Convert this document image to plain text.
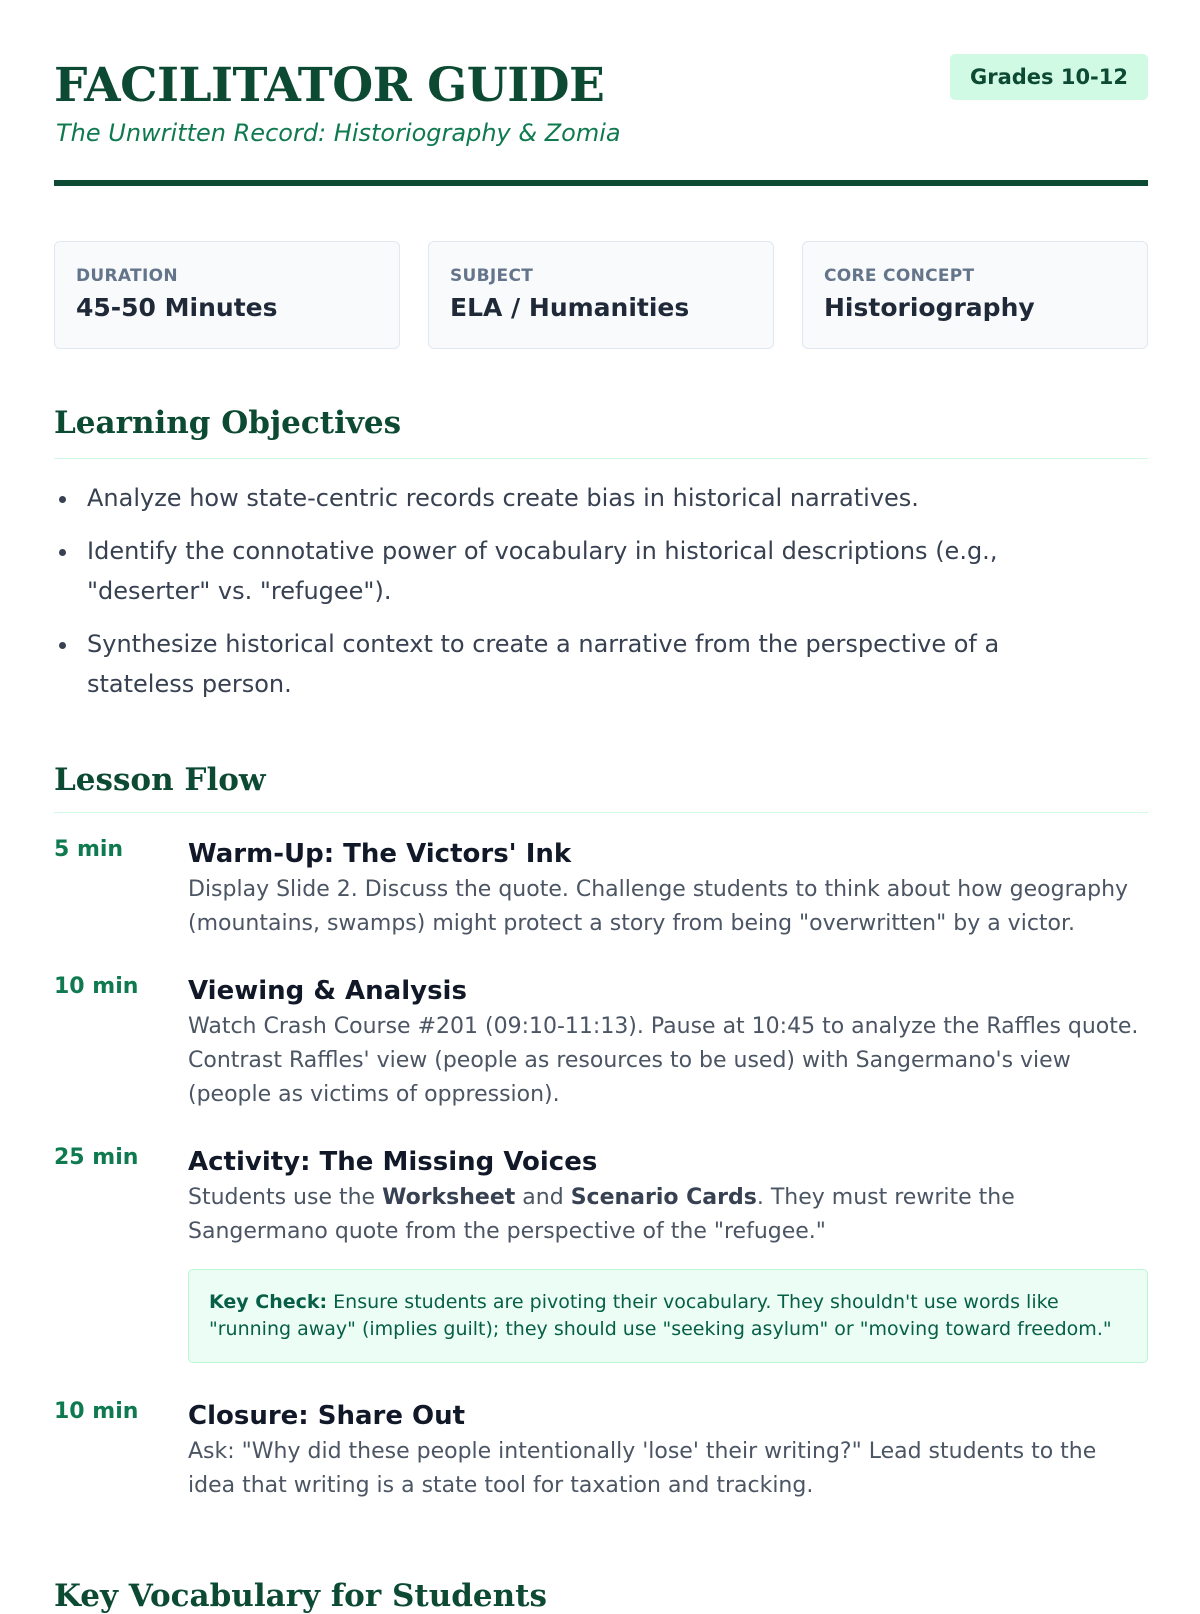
FACILITATOR GUIDE
The Unwritten Record: Historiography & Zomia
Grades 10-12
DURATION
45-50 Minutes
SUBJECT
ELA / Humanities
CORE CONCEPT
Historiography
Learning Objectives
Analyze how state-centric records create bias in historical narratives.
Identify the connotative power of vocabulary in historical descriptions (e.g., "deserter" vs. "refugee").
Synthesize historical context to create a narrative from the perspective of a stateless person.
Lesson Flow
5 min Warm-Up: The Victors' Ink
Display Slide 2. Discuss the quote. Challenge students to think about how geography (mountains, swamps) might protect a story from being "overwritten" by a victor.
10 min Viewing & Analysis
Watch Crash Course #201 (09:10-11:13). Pause at 10:45 to analyze the Raffles quote. Contrast Raffles' view (people as resources to be used) with Sangermano's view (people as victims of oppression).
25 min Activity: The Missing Voices
Students use the Worksheet and Scenario Cards. They must rewrite the Sangermano quote from the perspective of the "refugee."
Key Check: Ensure students are pivoting their vocabulary. They shouldn't use words like "running away" (implies guilt); they should use "seeking asylum" or "moving toward freedom."
10 min Closure: Share Out
Ask: "Why did these people intentionally 'lose' their writing?" Lead students to the idea that writing is a state tool for taxation and tracking.
Key Vocabulary for Students
